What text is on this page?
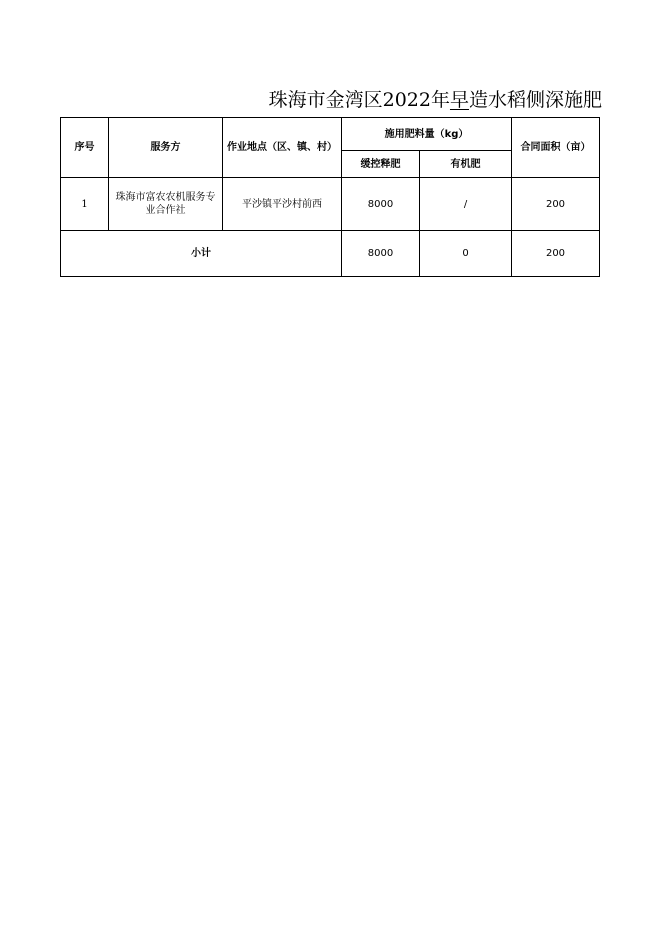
珠海市金湾区2022年早造水稻侧深施肥
序号	服务方	作业地点（区、镇、村）	施用肥料量（kg）		合同面积（亩）
			缓控释肥	有机肥	
1	珠海市富农农机服务专业合作社	平沙镇平沙村前西	8000	/	200
小计			8000	0	200
